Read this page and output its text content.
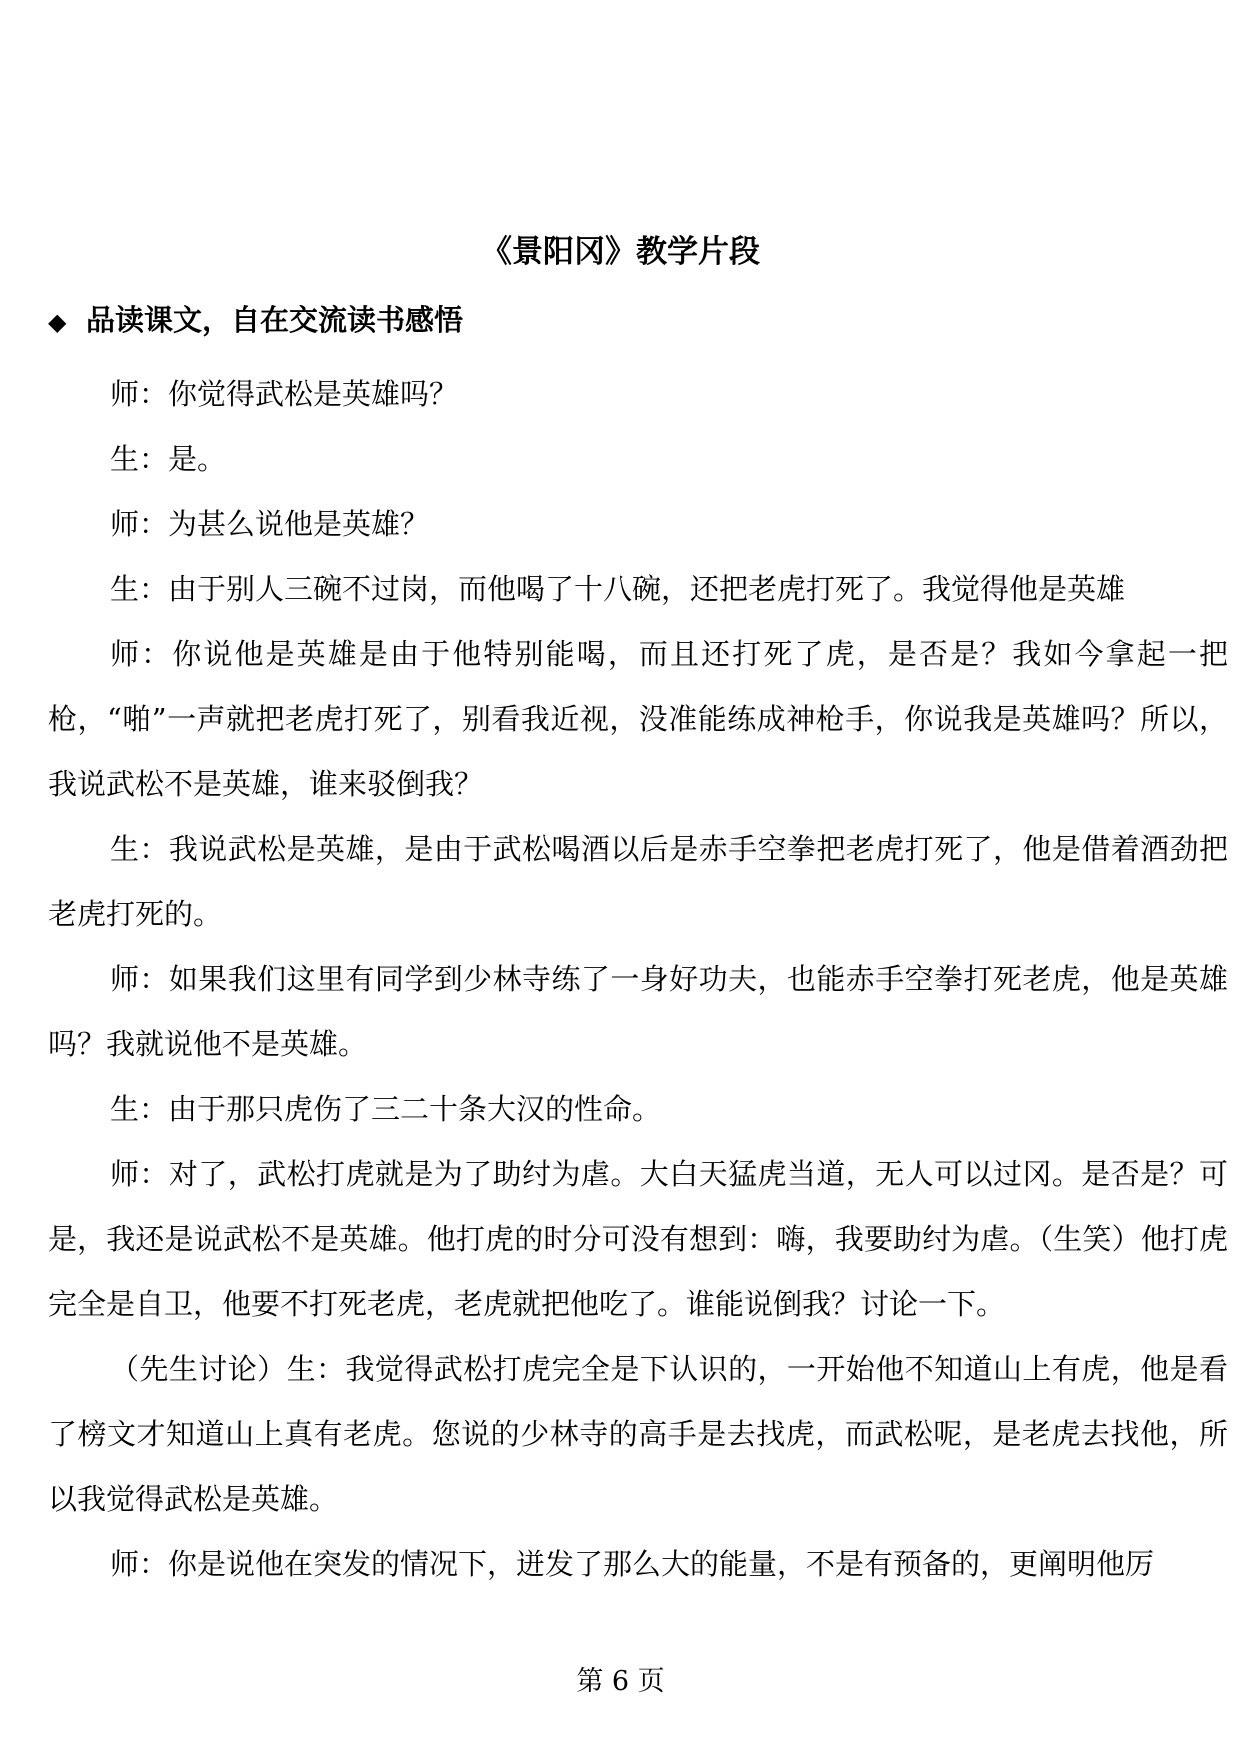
《景阳冈》教学片段
◆ 品读课文，自在交流读书感悟

师：你觉得武松是英雄吗？

生：是。

师：为甚么说他是英雄？

生：由于别人三碗不过岗，而他喝了十八碗，还把老虎打死了。我觉得他是英雄

师：你说他是英雄是由于他特别能喝，而且还打死了虎，是否是？我如今拿起一把枪，“啪”一声就把老虎打死了，别看我近视，没准能练成神枪手，你说我是英雄吗？所以，我说武松不是英雄，谁来驳倒我？

生：我说武松是英雄，是由于武松喝酒以后是赤手空拳把老虎打死了，他是借着酒劲把老虎打死的。

师：如果我们这里有同学到少林寺练了一身好功夫，也能赤手空拳打死老虎，他是英雄吗？我就说他不是英雄。

生：由于那只虎伤了三二十条大汉的性命。

师：对了，武松打虎就是为了助纣为虐。大白天猛虎当道，无人可以过冈。是否是？可是，我还是说武松不是英雄。他打虎的时分可没有想到：嗨，我要助纣为虐。（生笑）他打虎完全是自卫，他要不打死老虎，老虎就把他吃了。谁能说倒我？讨论一下。

（先生讨论）生：我觉得武松打虎完全是下认识的，一开始他不知道山上有虎，他是看了榜文才知道山上真有老虎。您说的少林寺的高手是去找虎，而武松呢，是老虎去找他，所以我觉得武松是英雄。

师：你是说他在突发的情况下，迸发了那么大的能量，不是有预备的，更阐明他厉

第 6 页
